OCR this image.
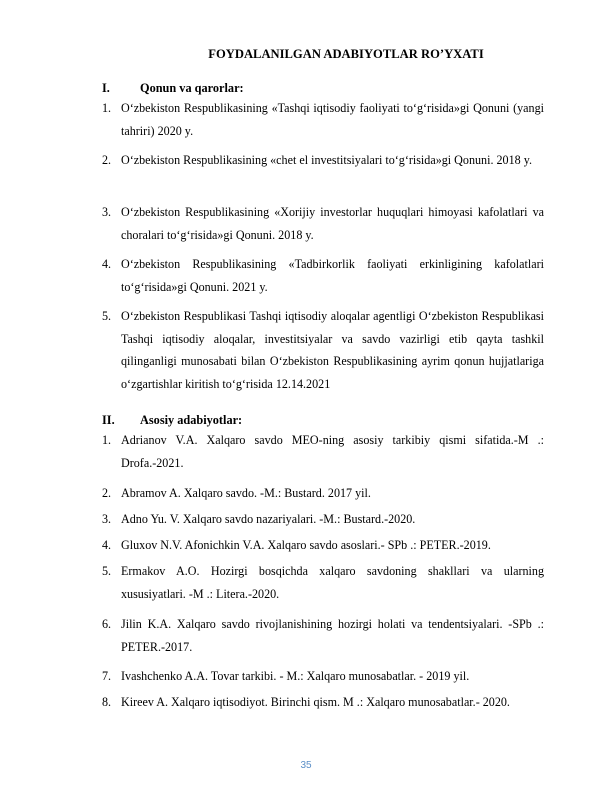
FOYDALANILGAN ADABIYOTLAR RO’YXATI
I. Qonun va qarorlar:
1. O‘zbekiston Respublikasining «Tashqi iqtisodiy faoliyati to‘g‘risida»gi Qonuni (yangi tahriri) 2020 y.
2. O‘zbekiston Respublikasining «chet el investitsiyalari to‘g‘risida»gi Qonuni. 2018 y.
3. O‘zbekiston Respublikasining «Xorijiy investorlar huquqlari himoyasi kafolatlari va choralari to‘g‘risida»gi Qonuni. 2018 y.
4. O‘zbekiston Respublikasining «Tadbirkorlik faoliyati erkinligining kafolatlari to‘g‘risida»gi Qonuni. 2021 y.
5. O‘zbekiston Respublikasi Tashqi iqtisodiy aloqalar agentligi O‘zbekiston Respublikasi Tashqi iqtisodiy aloqalar, investitsiyalar va savdo vazirligi etib qayta tashkil qilinganligi munosabati bilan O‘zbekiston Respublikasining ayrim qonun hujjatlariga o‘zgartishlar kiritish to‘g‘risida 12.14.2021
II. Asosiy adabiyotlar:
1. Adrianov V.A. Xalqaro savdo MEO-ning asosiy tarkibiy qismi sifatida.-M .: Drofa.-2021.
2. Abramov A. Xalqaro savdo. -M.: Bustard. 2017 yil.
3. Adno Yu. V. Xalqaro savdo nazariyalari. -M.: Bustard.-2020.
4. Gluxov N.V. Afonichkin V.A. Xalqaro savdo asoslari.- SPb .: PETER.-2019.
5. Ermakov A.O. Hozirgi bosqichda xalqaro savdoning shakllari va ularning xususiyatlari. -M .: Litera.-2020.
6. Jilin K.A. Xalqaro savdo rivojlanishining hozirgi holati va tendentsiyalari. -SPb .: PETER.-2017.
7. Ivashchenko A.A. Tovar tarkibi. - M.: Xalqaro munosabatlar. - 2019 yil.
8. Kireev A. Xalqaro iqtisodiyot. Birinchi qism. M .: Xalqaro munosabatlar.- 2020.
35
